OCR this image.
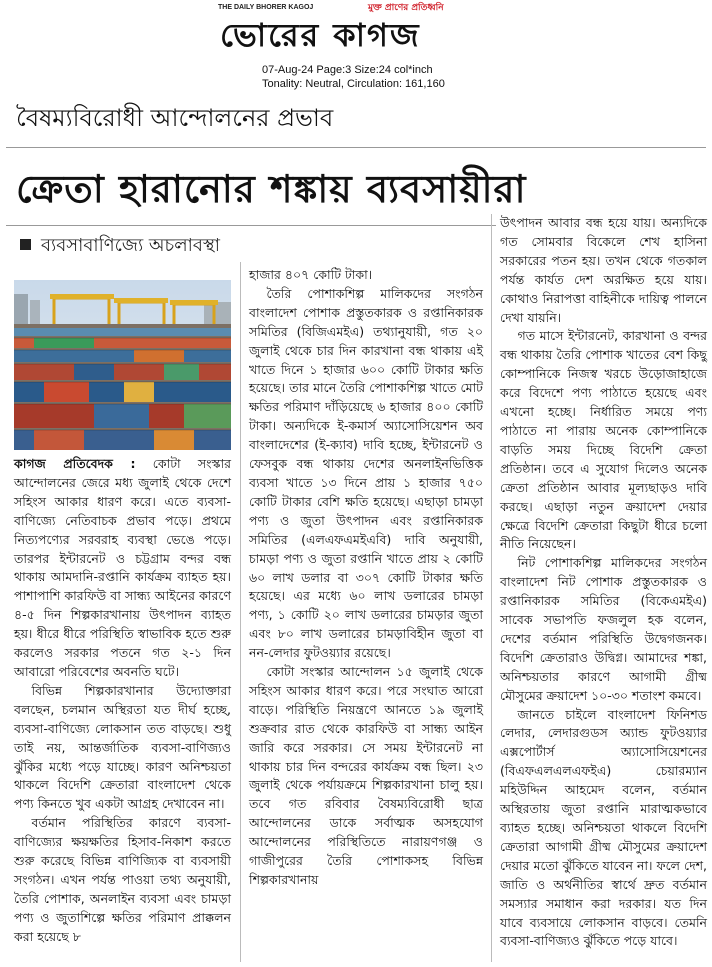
THE DAILY BHORER KAGOJ	মুক্ত প্রাণের প্রতিধ্বনি
ভোরের কাগজ
07-Aug-24 Page:3 Size:24 col*inch
Tonality: Neutral, Circulation: 161,160
বৈষম্যবিরোধী আন্দোলনের প্রভাব
ক্রেতা হারানোর শঙ্কায় ব্যবসায়ীরা
ব্যবসাবাণিজ্যে অচলাবস্থা

কাগজ প্রতিবেদক : কোটা সংস্কার আন্দোলনের জেরে মধ্য জুলাই থেকে দেশে সহিংস আকার ধারণ করে। এতে ব্যবসা-বাণিজ্যে নেতিবাচক প্রভাব পড়ে। প্রথমে নিত্যপণ্যের সরবরাহ ব্যবস্থা ভেঙে পড়ে। তারপর ইন্টারনেট ও চট্টগ্রাম বন্দর বন্ধ থাকায় আমদানি-রপ্তানি কার্যক্রম ব্যাহত হয়। পাশাপাশি কারফিউ বা সান্ধ্য আইনের কারণে ৪-৫ দিন শিল্পকারখানায় উৎপাদন ব্যাহত হয়। ধীরে ধীরে পরিস্থিতি স্বাভাবিক হতে শুরু করলেও সরকার পতনে গত ২-১ দিন আবারো পরিবেশের অবনতি ঘটে।

বিভিন্ন শিল্পকারখানার উদ্যোক্তারা বলছেন, চলমান অস্থিরতা যত দীর্ঘ হচ্ছে, ব্যবসা-বাণিজ্যে লোকসান তত বাড়ছে। শুধু তাই নয়, আন্তর্জাতিক ব্যবসা-বাণিজ্যও ঝুঁকির মধ্যে পড়ে যাচ্ছে। কারণ অনিশ্চয়তা থাকলে বিদেশি ক্রেতারা বাংলাদেশ থেকে পণ্য কিনতে খুব একটা আগ্রহ দেখাবেন না।

বর্তমান পরিস্থিতির কারণে ব্যবসা-বাণিজ্যের ক্ষয়ক্ষতির হিসাব-নিকাশ করতে শুরু করেছে বিভিন্ন বাণিজ্যিক বা ব্যবসায়ী সংগঠন। এখন পর্যন্ত পাওয়া তথ্য অনুযায়ী, তৈরি পোশাক, অনলাইন ব্যবসা এবং চামড়া পণ্য ও জুতাশিল্পে ক্ষতির পরিমাণ প্রাক্কলন করা হয়েছে ৮

হাজার ৪০৭ কোটি টাকা।

তৈরি পোশাকশিল্প মালিকদের সংগঠন বাংলাদেশ পোশাক প্রস্তুতকারক ও রপ্তানিকারক সমিতির (বিজিএমইএ) তথ্যানুযায়ী, গত ২০ জুলাই থেকে চার দিন কারখানা বন্ধ থাকায় এই খাতে দিনে ১ হাজার ৬০০ কোটি টাকার ক্ষতি হয়েছে। তার মানে তৈরি পোশাকশিল্প খাতে মোট ক্ষতির পরিমাণ দাঁড়িয়েছে ৬ হাজার ৪০০ কোটি টাকা। অন্যদিকে ই-কমার্স অ্যাসোসিয়েশন অব বাংলাদেশের (ই-ক্যাব) দাবি হচ্ছে, ইন্টারনেট ও ফেসবুক বন্ধ থাকায় দেশের অনলাইনভিত্তিক ব্যবসা খাতে ১৩ দিনে প্রায় ১ হাজার ৭৫০ কোটি টাকার বেশি ক্ষতি হয়েছে। এছাড়া চামড়া পণ্য ও জুতা উৎপাদন এবং রপ্তানিকারক সমিতির (এলএফএমইএবি) দাবি অনুযায়ী, চামড়া পণ্য ও জুতা রপ্তানি খাতে প্রায় ২ কোটি ৬০ লাখ ডলার বা ৩০৭ কোটি টাকার ক্ষতি হয়েছে। এর মধ্যে ৬০ লাখ ডলারের চামড়া পণ্য, ১ কোটি ২০ লাখ ডলারের চামড়ার জুতা এবং ৮০ লাখ ডলারের চামড়াবিহীন জুতা বা নন-লেদার ফুটওয়্যার রয়েছে।

কোটা সংস্কার আন্দোলন ১৫ জুলাই থেকে সহিংস আকার ধারণ করে। পরে সংঘাত আরো বাড়ে। পরিস্থিতি নিয়ন্ত্রণে আনতে ১৯ জুলাই শুক্রবার রাত থেকে কারফিউ বা সান্ধ্য আইন জারি করে সরকার। সে সময় ইন্টারনেট না থাকায় চার দিন বন্দরের কার্যক্রম বন্ধ ছিল। ২৩ জুলাই থেকে পর্যায়ক্রমে শিল্পকারখানা চালু হয়। তবে গত রবিবার বৈষম্যবিরোধী ছাত্র আন্দোলনের ডাকে সর্বাত্মক অসহযোগ আন্দোলনের পরিস্থিতিতে নারায়ণগঞ্জ ও গাজীপুরের তৈরি পোশাকসহ বিভিন্ন শিল্পকারখানায়

উৎপাদন আবার বন্ধ হয়ে যায়। অন্যদিকে গত সোমবার বিকেলে শেখ হাসিনা সরকারের পতন হয়। তখন থেকে গতকাল পর্যন্ত কার্যত দেশ অরক্ষিত হয়ে যায়। কোথাও নিরাপত্তা বাহিনীকে দায়িত্ব পালনে দেখা যায়নি।

গত মাসে ইন্টারনেট, কারখানা ও বন্দর বন্ধ থাকায় তৈরি পোশাক খাতের বেশ কিছু কোম্পানিকে নিজস্ব খরচে উড়োজাহাজে করে বিদেশে পণ্য পাঠাতে হয়েছে এবং এখনো হচ্ছে। নির্ধারিত সময়ে পণ্য পাঠাতে না পারায় অনেক কোম্পানিকে বাড়তি সময় দিচ্ছে বিদেশি ক্রেতা প্রতিষ্ঠান। তবে এ সুযোগ দিলেও অনেক ক্রেতা প্রতিষ্ঠান আবার মূল্যছাড়ও দাবি করছে। এছাড়া নতুন ক্রয়াদেশ দেয়ার ক্ষেত্রে বিদেশি ক্রেতারা কিছুটা ধীরে চলো নীতি নিয়েছেন।

নিট পোশাকশিল্প মালিকদের সংগঠন বাংলাদেশ নিট পোশাক প্রস্তুতকারক ও রপ্তানিকারক সমিতির (বিকেএমইএ) সাবেক সভাপতি ফজলুল হক বলেন, দেশের বর্তমান পরিস্থিতি উদ্বেগজনক। বিদেশি ক্রেতারাও উদ্বিগ্ন। আমাদের শঙ্কা, অনিশ্চয়তার কারণে আগামী গ্রীষ্ম মৌসুমের ক্রয়াদেশ ১০-৩০ শতাংশ কমবে।

জানতে চাইলে বাংলাদেশ ফিনিশড লেদার, লেদারগুডস অ্যান্ড ফুটওয়্যার এক্সপোর্টার্স অ্যাসোসিয়েশনের (বিএফএলএলএফইএ) চেয়ারম্যান মহিউদ্দিন আহমেদ বলেন, বর্তমান অস্থিরতায় জুতা রপ্তানি মারাত্মকভাবে ব্যাহত হচ্ছে। অনিশ্চয়তা থাকলে বিদেশি ক্রেতারা আগামী গ্রীষ্ম মৌসুমের ক্রয়াদেশ দেয়ার মতো ঝুঁকিতে যাবেন না। ফলে দেশ, জাতি ও অর্থনীতির স্বার্থে দ্রুত বর্তমান সমস্যার সমাধান করা দরকার। যত দিন যাবে ব্যবসায়ে লোকসান বাড়বে। তেমনি ব্যবসা-বাণিজ্যও ঝুঁকিতে পড়ে যাবে।
